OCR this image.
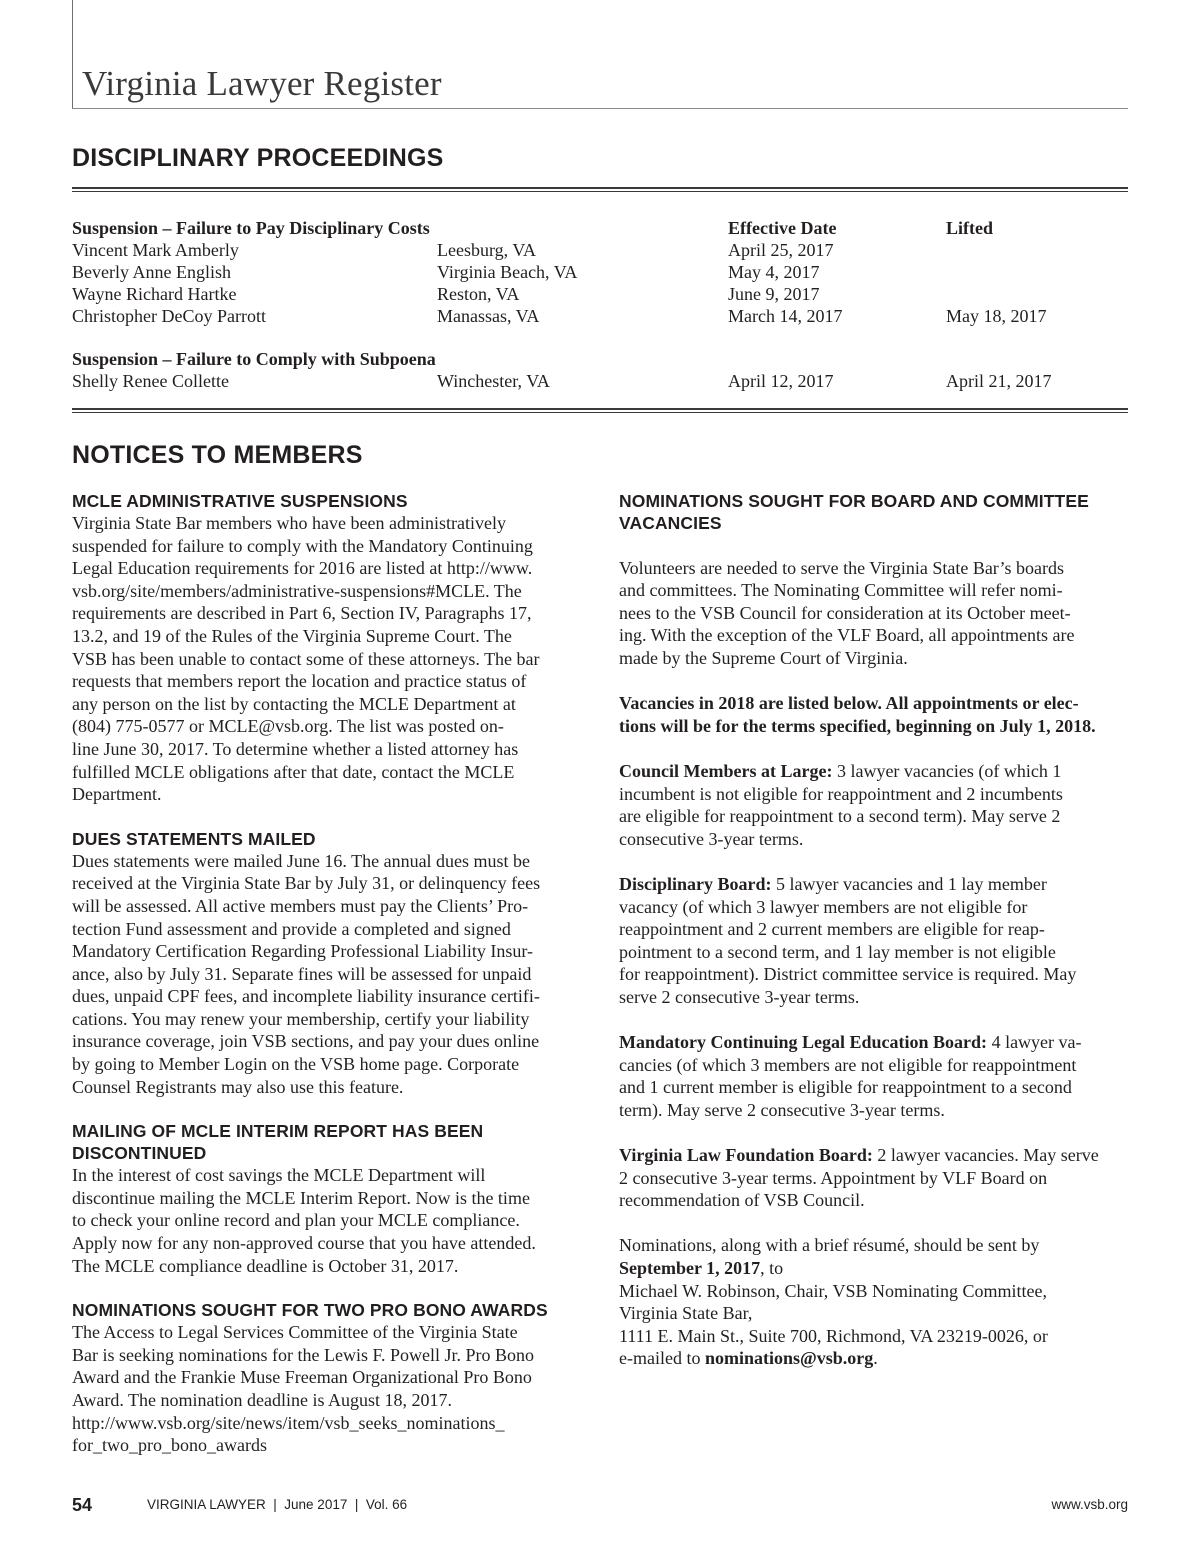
Virginia Lawyer Register
DISCIPLINARY PROCEEDINGS
Suspension – Failure to Pay Disciplinary Costs	Effective Date	Lifted
Vincent Mark Amberly	Leesburg, VA	April 25, 2017
Beverly Anne English	Virginia Beach, VA	May 4, 2017
Wayne Richard Hartke	Reston, VA	June 9, 2017
Christopher DeCoy Parrott	Manassas, VA	March 14, 2017	May 18, 2017
Suspension – Failure to Comply with Subpoena
Shelly Renee Collette	Winchester, VA	April 12, 2017	April 21, 2017
NOTICES TO MEMBERS

MCLE ADMINISTRATIVE SUSPENSIONS

Virginia State Bar members who have been administratively

suspended for failure to comply with the Mandatory Continuing

Legal Education requirements for 2016 are listed at http://www.

vsb.org/site/members/administrative-suspensions#MCLE. The

requirements are described in Part 6, Section IV, Paragraphs 17,

13.2, and 19 of the Rules of the Virginia Supreme Court. The

VSB has been unable to contact some of these attorneys. The bar

requests that members report the location and practice status of

any person on the list by contacting the MCLE Department at

(804) 775-0577 or MCLE@vsb.org. The list was posted on-

line June 30, 2017. To determine whether a listed attorney has

fulfilled MCLE obligations after that date, contact the MCLE

Department.

DUES STATEMENTS MAILED

Dues statements were mailed June 16. The annual dues must be

received at the Virginia State Bar by July 31, or delinquency fees

will be assessed. All active members must pay the Clients’ Pro-

tection Fund assessment and provide a completed and signed

Mandatory Certification Regarding Professional Liability Insur-

ance, also by July 31. Separate fines will be assessed for unpaid

dues, unpaid CPF fees, and incomplete liability insurance certifi-

cations. You may renew your membership, certify your liability

insurance coverage, join VSB sections, and pay your dues online

by going to Member Login on the VSB home page. Corporate

Counsel Registrants may also use this feature.

MAILING OF MCLE INTERIM REPORT HAS BEEN

DISCONTINUED

In the interest of cost savings the MCLE Department will

discontinue mailing the MCLE Interim Report. Now is the time

to check your online record and plan your MCLE compliance.

Apply now for any non-approved course that you have attended.

The MCLE compliance deadline is October 31, 2017.

NOMINATIONS SOUGHT FOR TWO PRO BONO AWARDS

The Access to Legal Services Committee of the Virginia State

Bar is seeking nominations for the Lewis F. Powell Jr. Pro Bono

Award and the Frankie Muse Freeman Organizational Pro Bono

Award. The nomination deadline is August 18, 2017.

http://www.vsb.org/site/news/item/vsb_seeks_nominations_

for_two_pro_bono_awards

NOMINATIONS SOUGHT FOR BOARD AND COMMITTEE

VACANCIES

Volunteers are needed to serve the Virginia State Bar’s boards

and committees. The Nominating Committee will refer nomi-

nees to the VSB Council for consideration at its October meet-

ing. With the exception of the VLF Board, all appointments are

made by the Supreme Court of Virginia.

Vacancies in 2018 are listed below. All appointments or elec-

tions will be for the terms specified, beginning on July 1, 2018.

Council Members at Large: 3 lawyer vacancies (of which 1

incumbent is not eligible for reappointment and 2 incumbents

are eligible for reappointment to a second term). May serve 2

consecutive 3-year terms.

Disciplinary Board: 5 lawyer vacancies and 1 lay member

vacancy (of which 3 lawyer members are not eligible for

reappointment and 2 current members are eligible for reap-

pointment to a second term, and 1 lay member is not eligible

for reappointment). District committee service is required. May

serve 2 consecutive 3-year terms.

Mandatory Continuing Legal Education Board: 4 lawyer va-

cancies (of which 3 members are not eligible for reappointment

and 1 current member is eligible for reappointment to a second

term). May serve 2 consecutive 3-year terms.

Virginia Law Foundation Board: 2 lawyer vacancies. May serve

2 consecutive 3-year terms. Appointment by VLF Board on

recommendation of VSB Council.

Nominations, along with a brief résumé, should be sent by

September 1, 2017, to

Michael W. Robinson, Chair, VSB Nominating Committee,

Virginia State Bar,

1111 E. Main St., Suite 700, Richmond, VA 23219-0026, or

e-mailed to nominations@vsb.org.

54	VIRGINIA LAWYER  |  June 2017  |  Vol. 66	www.vsb.org
